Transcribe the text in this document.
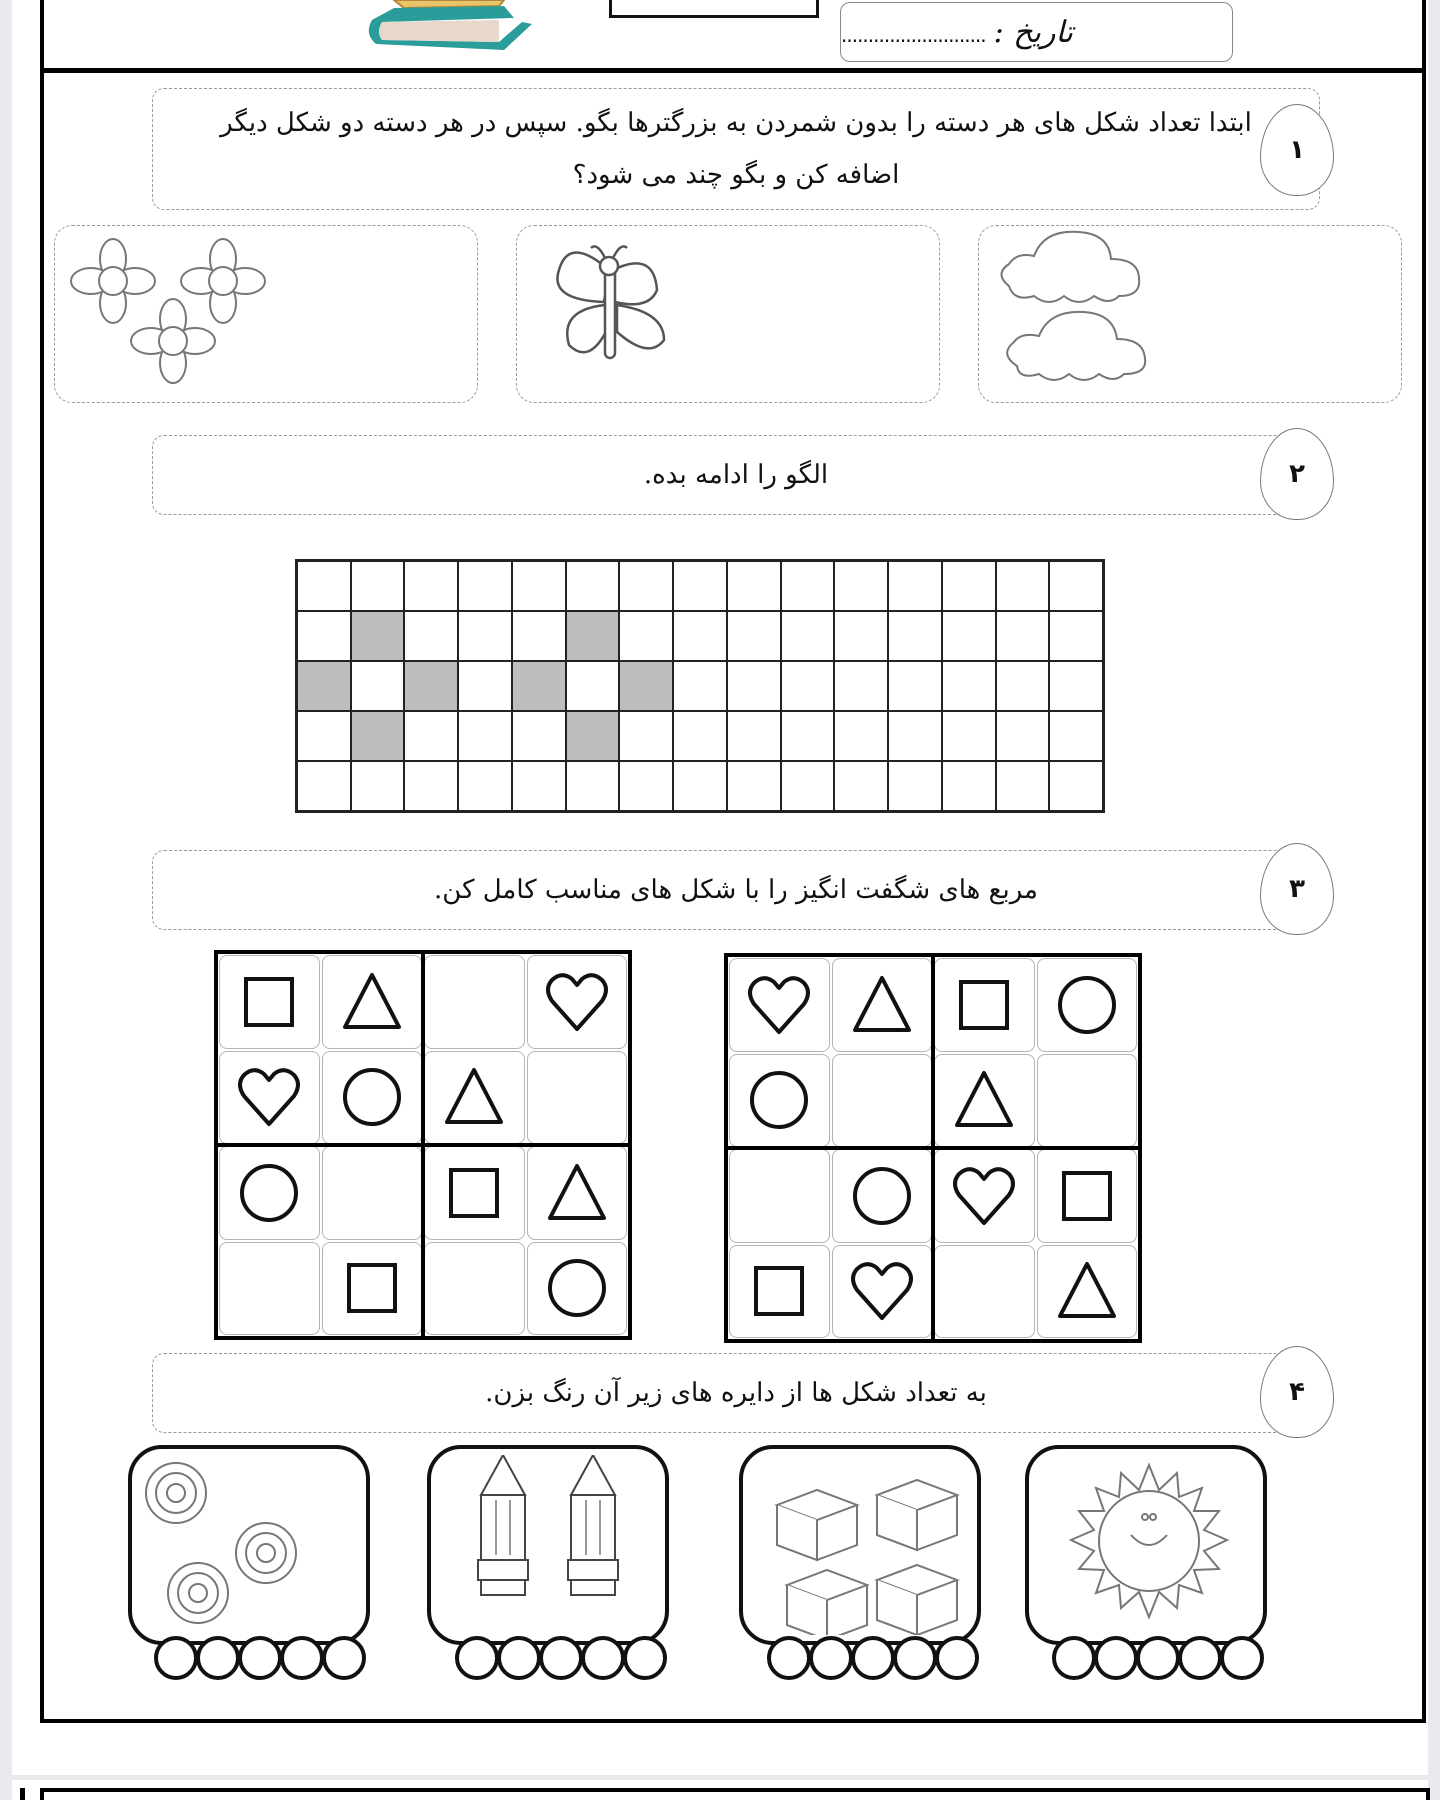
تاریخ :
...........................
ابتدا تعداد شکل های هر دسته را بدون شمردن به بزرگترها بگو. سپس در هر دسته دو شکل دیگر اضافه کن و بگو چند می شود؟
۱
الگو را ادامه بده.	۲
مربع های شگفت انگیز را با شکل های مناسب کامل کن.	۳
به تعداد شکل ها از دایره های زیر آن رنگ بزن.	۴
